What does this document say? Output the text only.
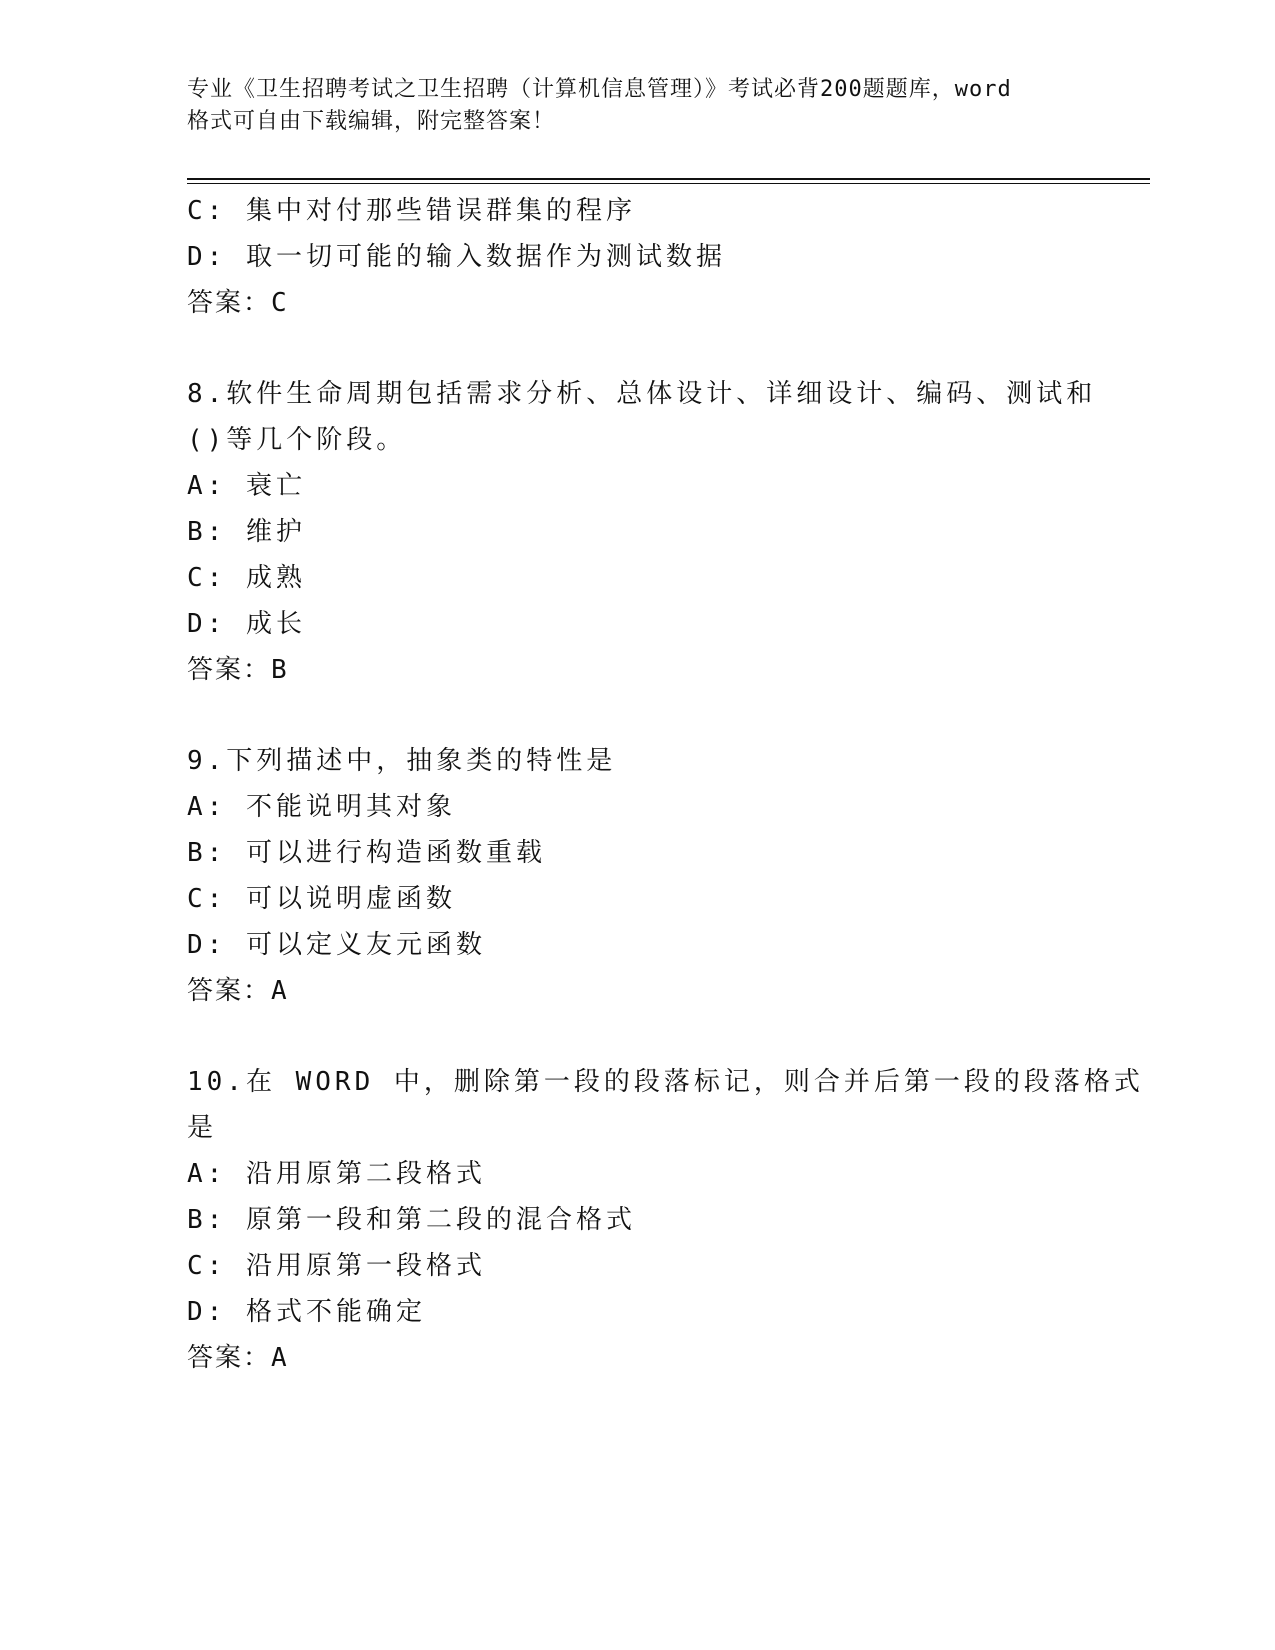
专业《卫生招聘考试之卫生招聘（计算机信息管理）》考试必背200题题库，word
格式可自由下载编辑，附完整答案！
C: 集中对付那些错误群集的程序
D: 取一切可能的输入数据作为测试数据
答案：C
8.软件生命周期包括需求分析、总体设计、详细设计、编码、测试和
()等几个阶段。
A: 衰亡
B: 维护
C: 成熟
D: 成长
答案：B
9.下列描述中，抽象类的特性是
A: 不能说明其对象
B: 可以进行构造函数重载
C: 可以说明虚函数
D: 可以定义友元函数
答案：A
10.在 WORD 中，删除第一段的段落标记，则合并后第一段的段落格式
是
A: 沿用原第二段格式
B: 原第一段和第二段的混合格式
C: 沿用原第一段格式
D: 格式不能确定
答案：A
